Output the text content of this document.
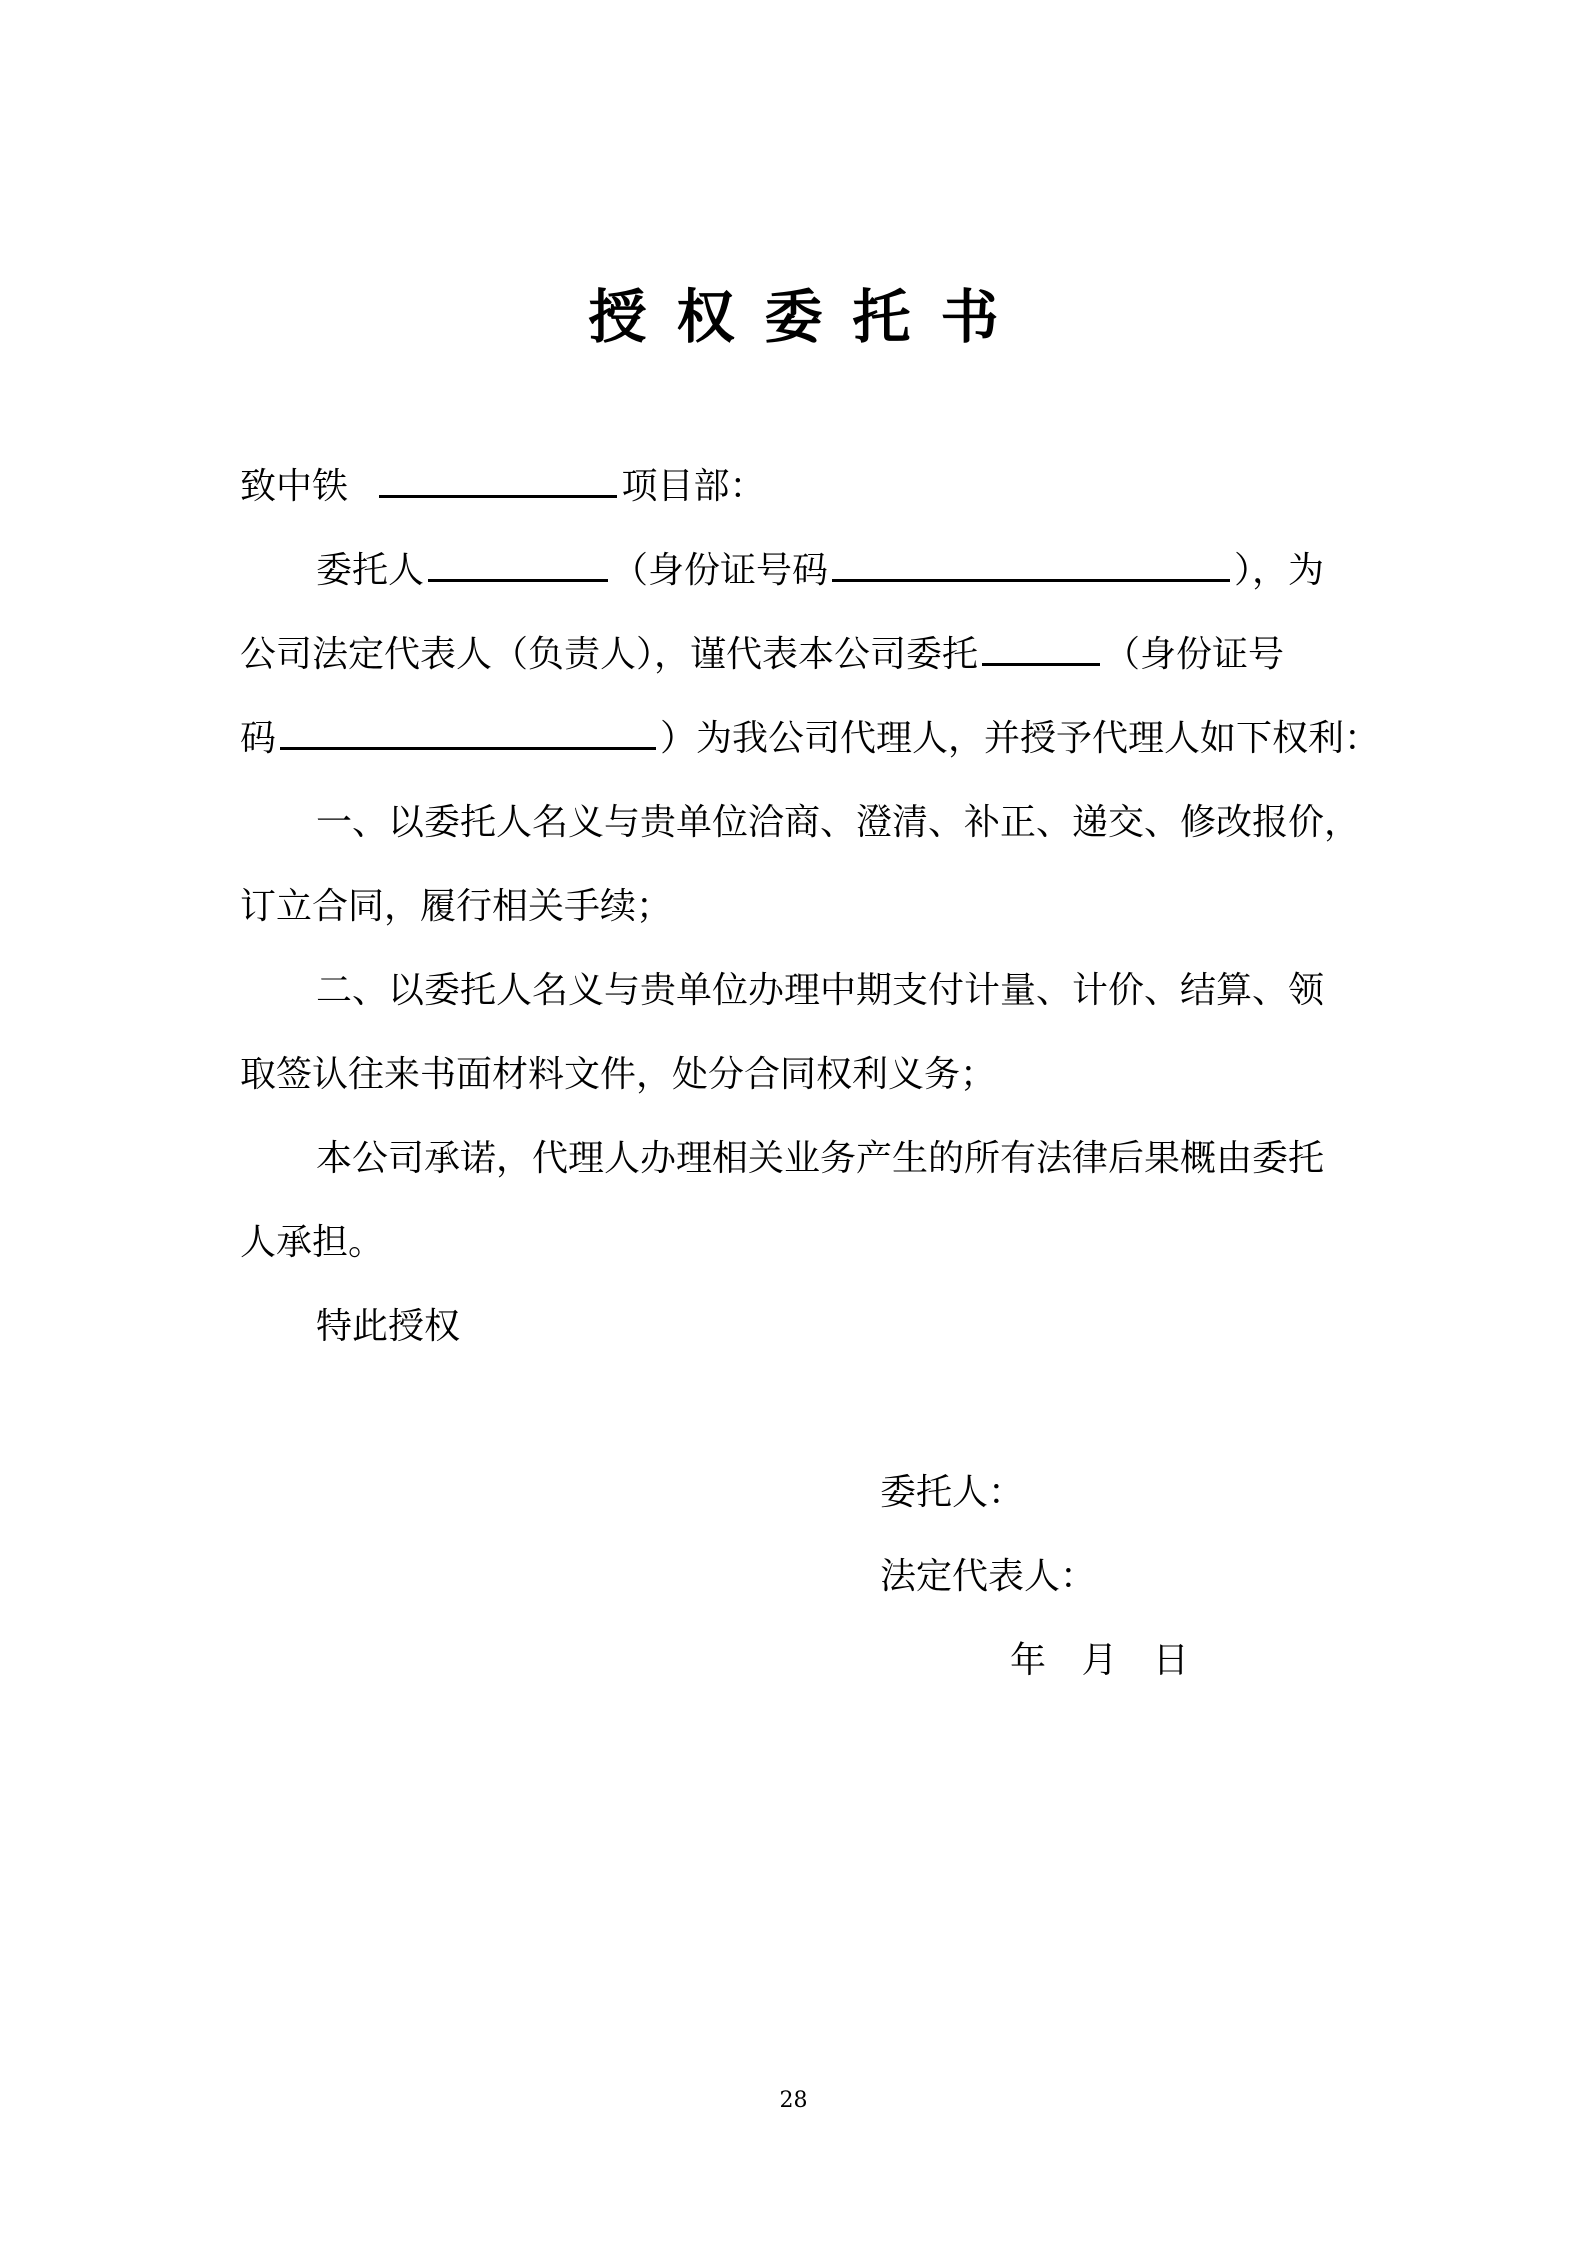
授权委托书
致中铁	项目部：
委托人	（身份证号码	），为
公司法定代表人（负责人），谨代表本公司委托	（身份证号
码	）为我公司代理人，并授予代理人如下权利：
一、以委托人名义与贵单位洽商、澄清、补正、递交、修改报价，
订立合同，履行相关手续；
二、以委托人名义与贵单位办理中期支付计量、计价、结算、领
取签认往来书面材料文件，处分合同权利义务；
本公司承诺，代理人办理相关业务产生的所有法律后果概由委托
人承担。
特此授权
委托人：
法定代表人：
年 月 日
28
